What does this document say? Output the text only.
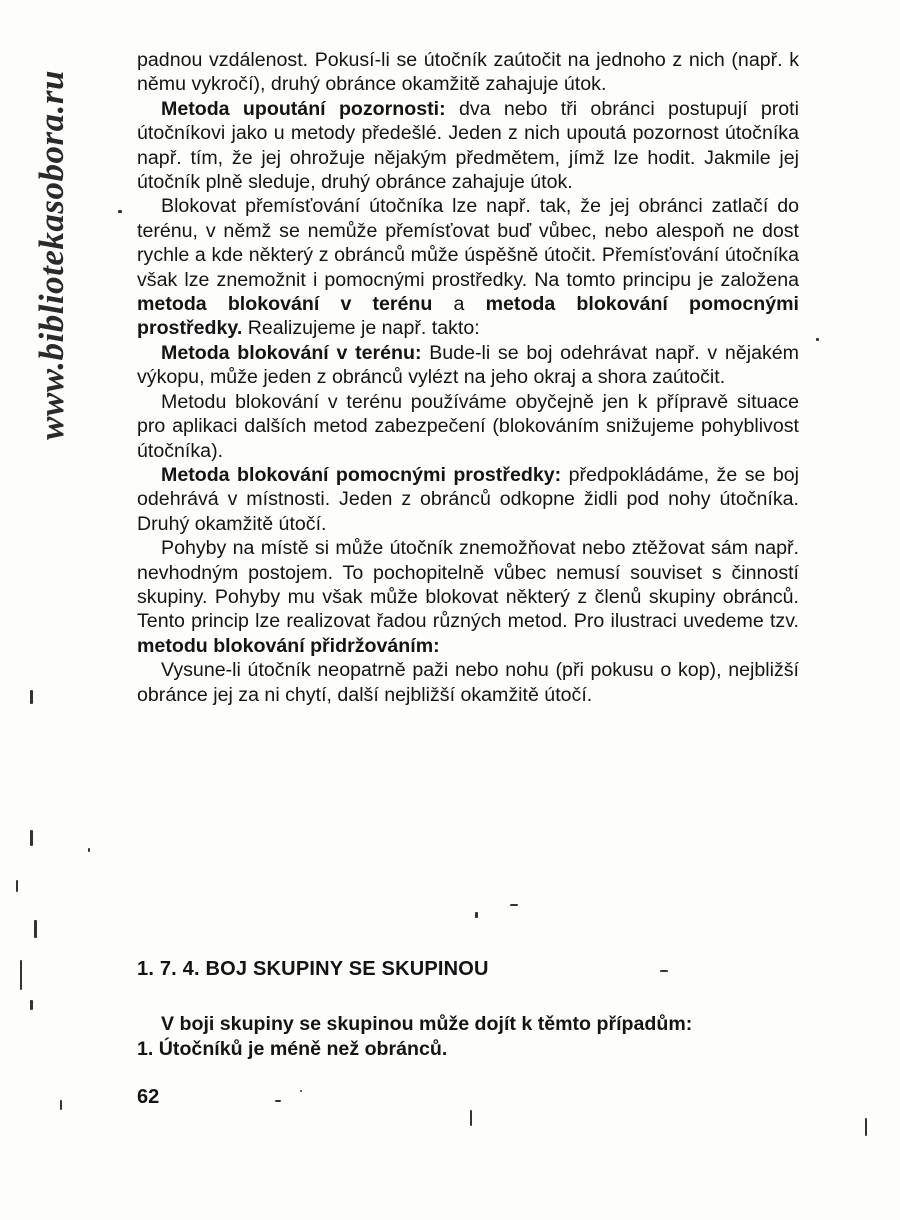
www.bibliotekasobora.ru

padnou vzdálenost. Pokusí-li se útočník zaútočit na jednoho z nich (např. k němu vykročí), druhý obránce okamžitě zahajuje útok.

Metoda upoutání pozornosti: dva nebo tři obránci postupují proti útočníkovi jako u metody předešlé. Jeden z nich upoutá pozornost útočníka např. tím, že jej ohrožuje nějakým předmětem, jímž lze hodit. Jakmile jej útočník plně sleduje, druhý obránce zahajuje útok.

Blokovat přemísťování útočníka lze např. tak, že jej obránci zatlačí do terénu, v němž se nemůže přemísťovat buď vůbec, nebo alespoň ne dost rychle a kde některý z obránců může úspěšně útočit. Přemísťování útočníka však lze znemožnit i pomocnými prostředky. Na tomto principu je založena metoda blokování v terénu a metoda blokování pomocnými prostředky. Realizujeme je např. takto:

Metoda blokování v terénu: Bude-li se boj odehrávat např. v nějakém výkopu, může jeden z obránců vylézt na jeho okraj a shora zaútočit.

Metodu blokování v terénu používáme obyčejně jen k přípravě situace pro aplikaci dalších metod zabezpečení (blokováním snižujeme pohyblivost útočníka).

Metoda blokování pomocnými prostředky: předpokládáme, že se boj odehrává v místnosti. Jeden z obránců odkopne židli pod nohy útočníka. Druhý okamžitě útočí.

Pohyby na místě si může útočník znemožňovat nebo ztěžovat sám např. nevhodným postojem. To pochopitelně vůbec nemusí souviset s činností skupiny. Pohyby mu však může blokovat některý z členů skupiny obránců. Tento princip lze realizovat řadou různých metod. Pro ilustraci uvedeme tzv. metodu blokování přidržováním:

Vysune-li útočník neopatrně paži nebo nohu (při pokusu o kop), nejbližší obránce jej za ni chytí, další nejbližší okamžitě útočí.

1. 7. 4. BOJ SKUPINY SE SKUPINOU

V boji skupiny se skupinou může dojít k těmto případům:

1. Útočníků je méně než obránců.

62
